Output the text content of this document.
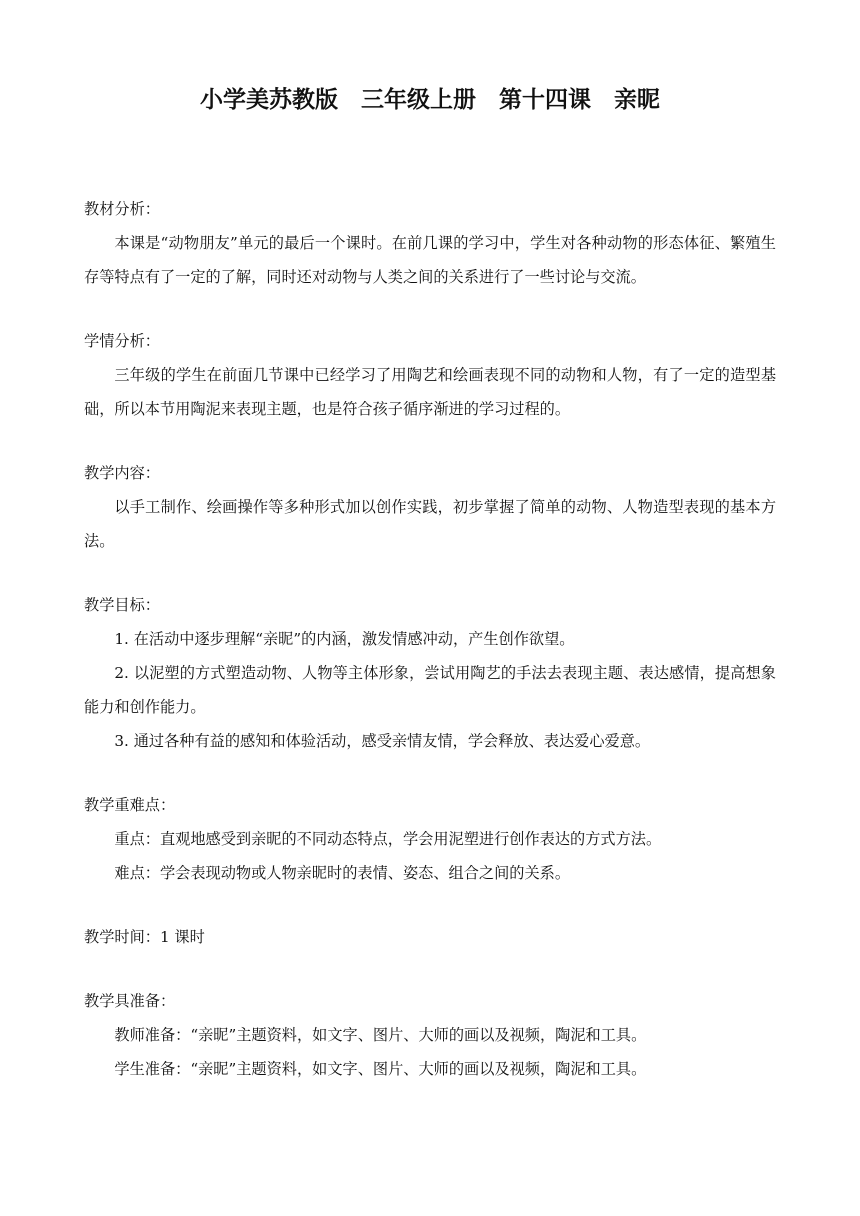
小学美苏教版　三年级上册　第十四课　亲昵

教材分析：

本课是“动物朋友”单元的最后一个课时。在前几课的学习中，学生对各种动物的形态体征、繁殖生存等特点有了一定的了解，同时还对动物与人类之间的关系进行了一些讨论与交流。

学情分析：

三年级的学生在前面几节课中已经学习了用陶艺和绘画表现不同的动物和人物，有了一定的造型基础，所以本节用陶泥来表现主题，也是符合孩子循序渐进的学习过程的。

教学内容：

以手工制作、绘画操作等多种形式加以创作实践，初步掌握了简单的动物、人物造型表现的基本方法。

教学目标：

1. 在活动中逐步理解“亲昵”的内涵，激发情感冲动，产生创作欲望。

2. 以泥塑的方式塑造动物、人物等主体形象，尝试用陶艺的手法去表现主题、表达感情，提高想象能力和创作能力。

3. 通过各种有益的感知和体验活动，感受亲情友情，学会释放、表达爱心爱意。

教学重难点：

重点：直观地感受到亲昵的不同动态特点，学会用泥塑进行创作表达的方式方法。

难点：学会表现动物或人物亲昵时的表情、姿态、组合之间的关系。

教学时间：1 课时

教学具准备：

教师准备：“亲昵”主题资料，如文字、图片、大师的画以及视频，陶泥和工具。

学生准备：“亲昵”主题资料，如文字、图片、大师的画以及视频，陶泥和工具。
